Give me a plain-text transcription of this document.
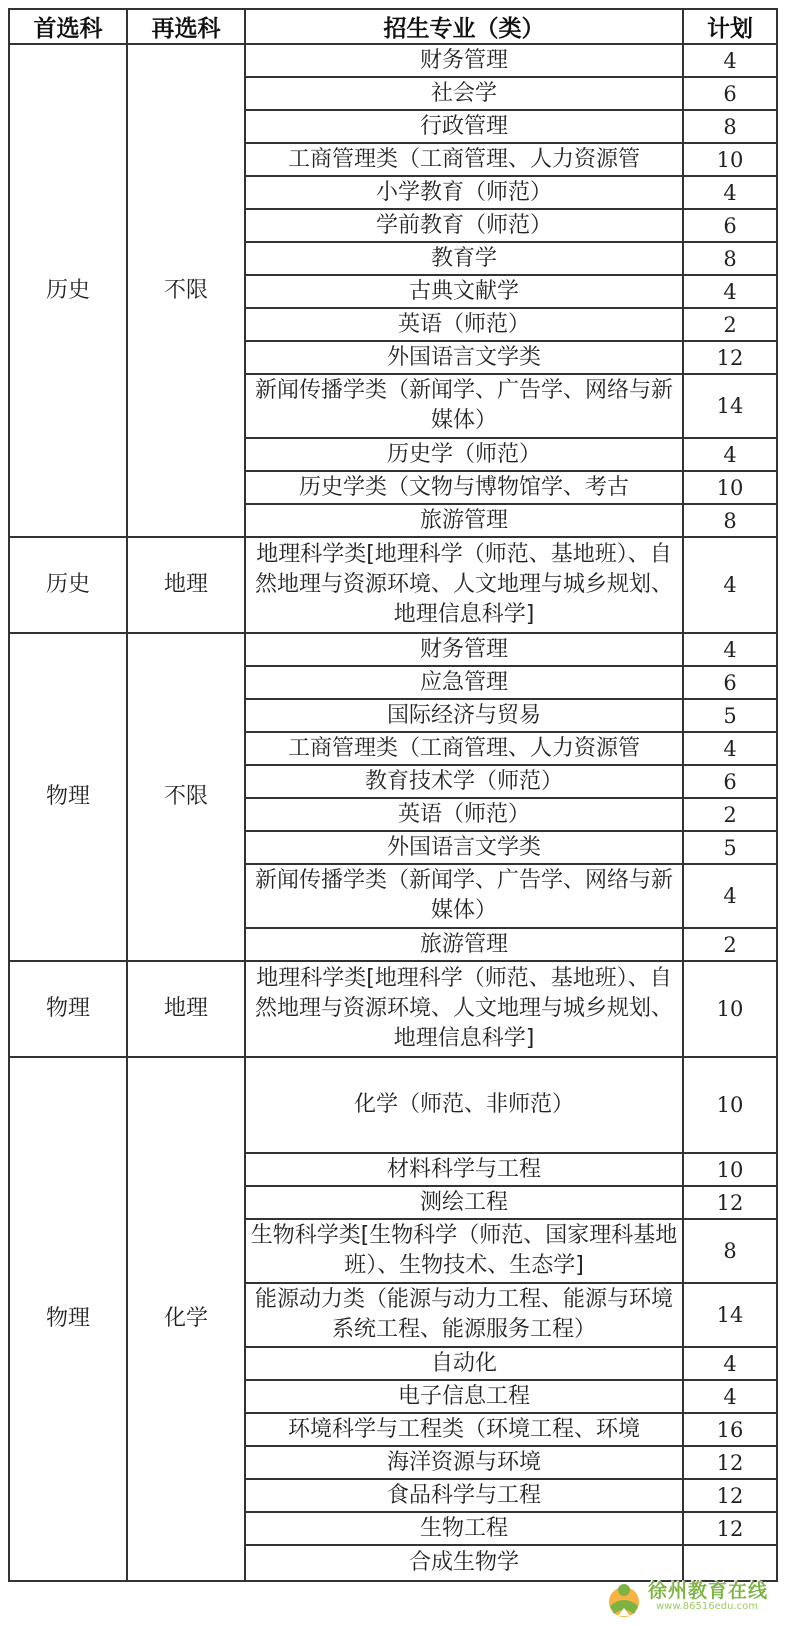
首选科	再选科	招生专业（类）	计划
历史	不限	财务管理	4
		社会学	6
		行政管理	8
		工商管理类（工商管理、人力资源管	10
		小学教育（师范）	4
		学前教育（师范）	6
		教育学	8
		古典文献学	4
		英语（师范）	2
		外国语言文学类	12
		新闻传播学类（新闻学、广告学、网络与新媒体）	14
		历史学（师范）	4
		历史学类（文物与博物馆学、考古	10
		旅游管理	8
历史	地理	地理科学类[地理科学（师范、基地班）、自然地理与资源环境、人文地理与城乡规划、地理信息科学]	4
物理	不限	财务管理	4
		应急管理	6
		国际经济与贸易	5
		工商管理类（工商管理、人力资源管	4
		教育技术学（师范）	6
		英语（师范）	2
		外国语言文学类	5
		新闻传播学类（新闻学、广告学、网络与新媒体）	4
		旅游管理	2
物理	地理	地理科学类[地理科学（师范、基地班）、自然地理与资源环境、人文地理与城乡规划、地理信息科学]	10
物理	化学	化学（师范、非师范）	10
		材料科学与工程	10
		测绘工程	12
		生物科学类[生物科学（师范、国家理科基地班）、生物技术、生态学]	8
		能源动力类（能源与动力工程、能源与环境系统工程、能源服务工程）	14
		自动化	4
		电子信息工程	4
		环境科学与工程类（环境工程、环境	16
		海洋资源与环境	12
		食品科学与工程	12
		生物工程	12
		合成生物学	
徐州教育在线
www.86516edu.com
